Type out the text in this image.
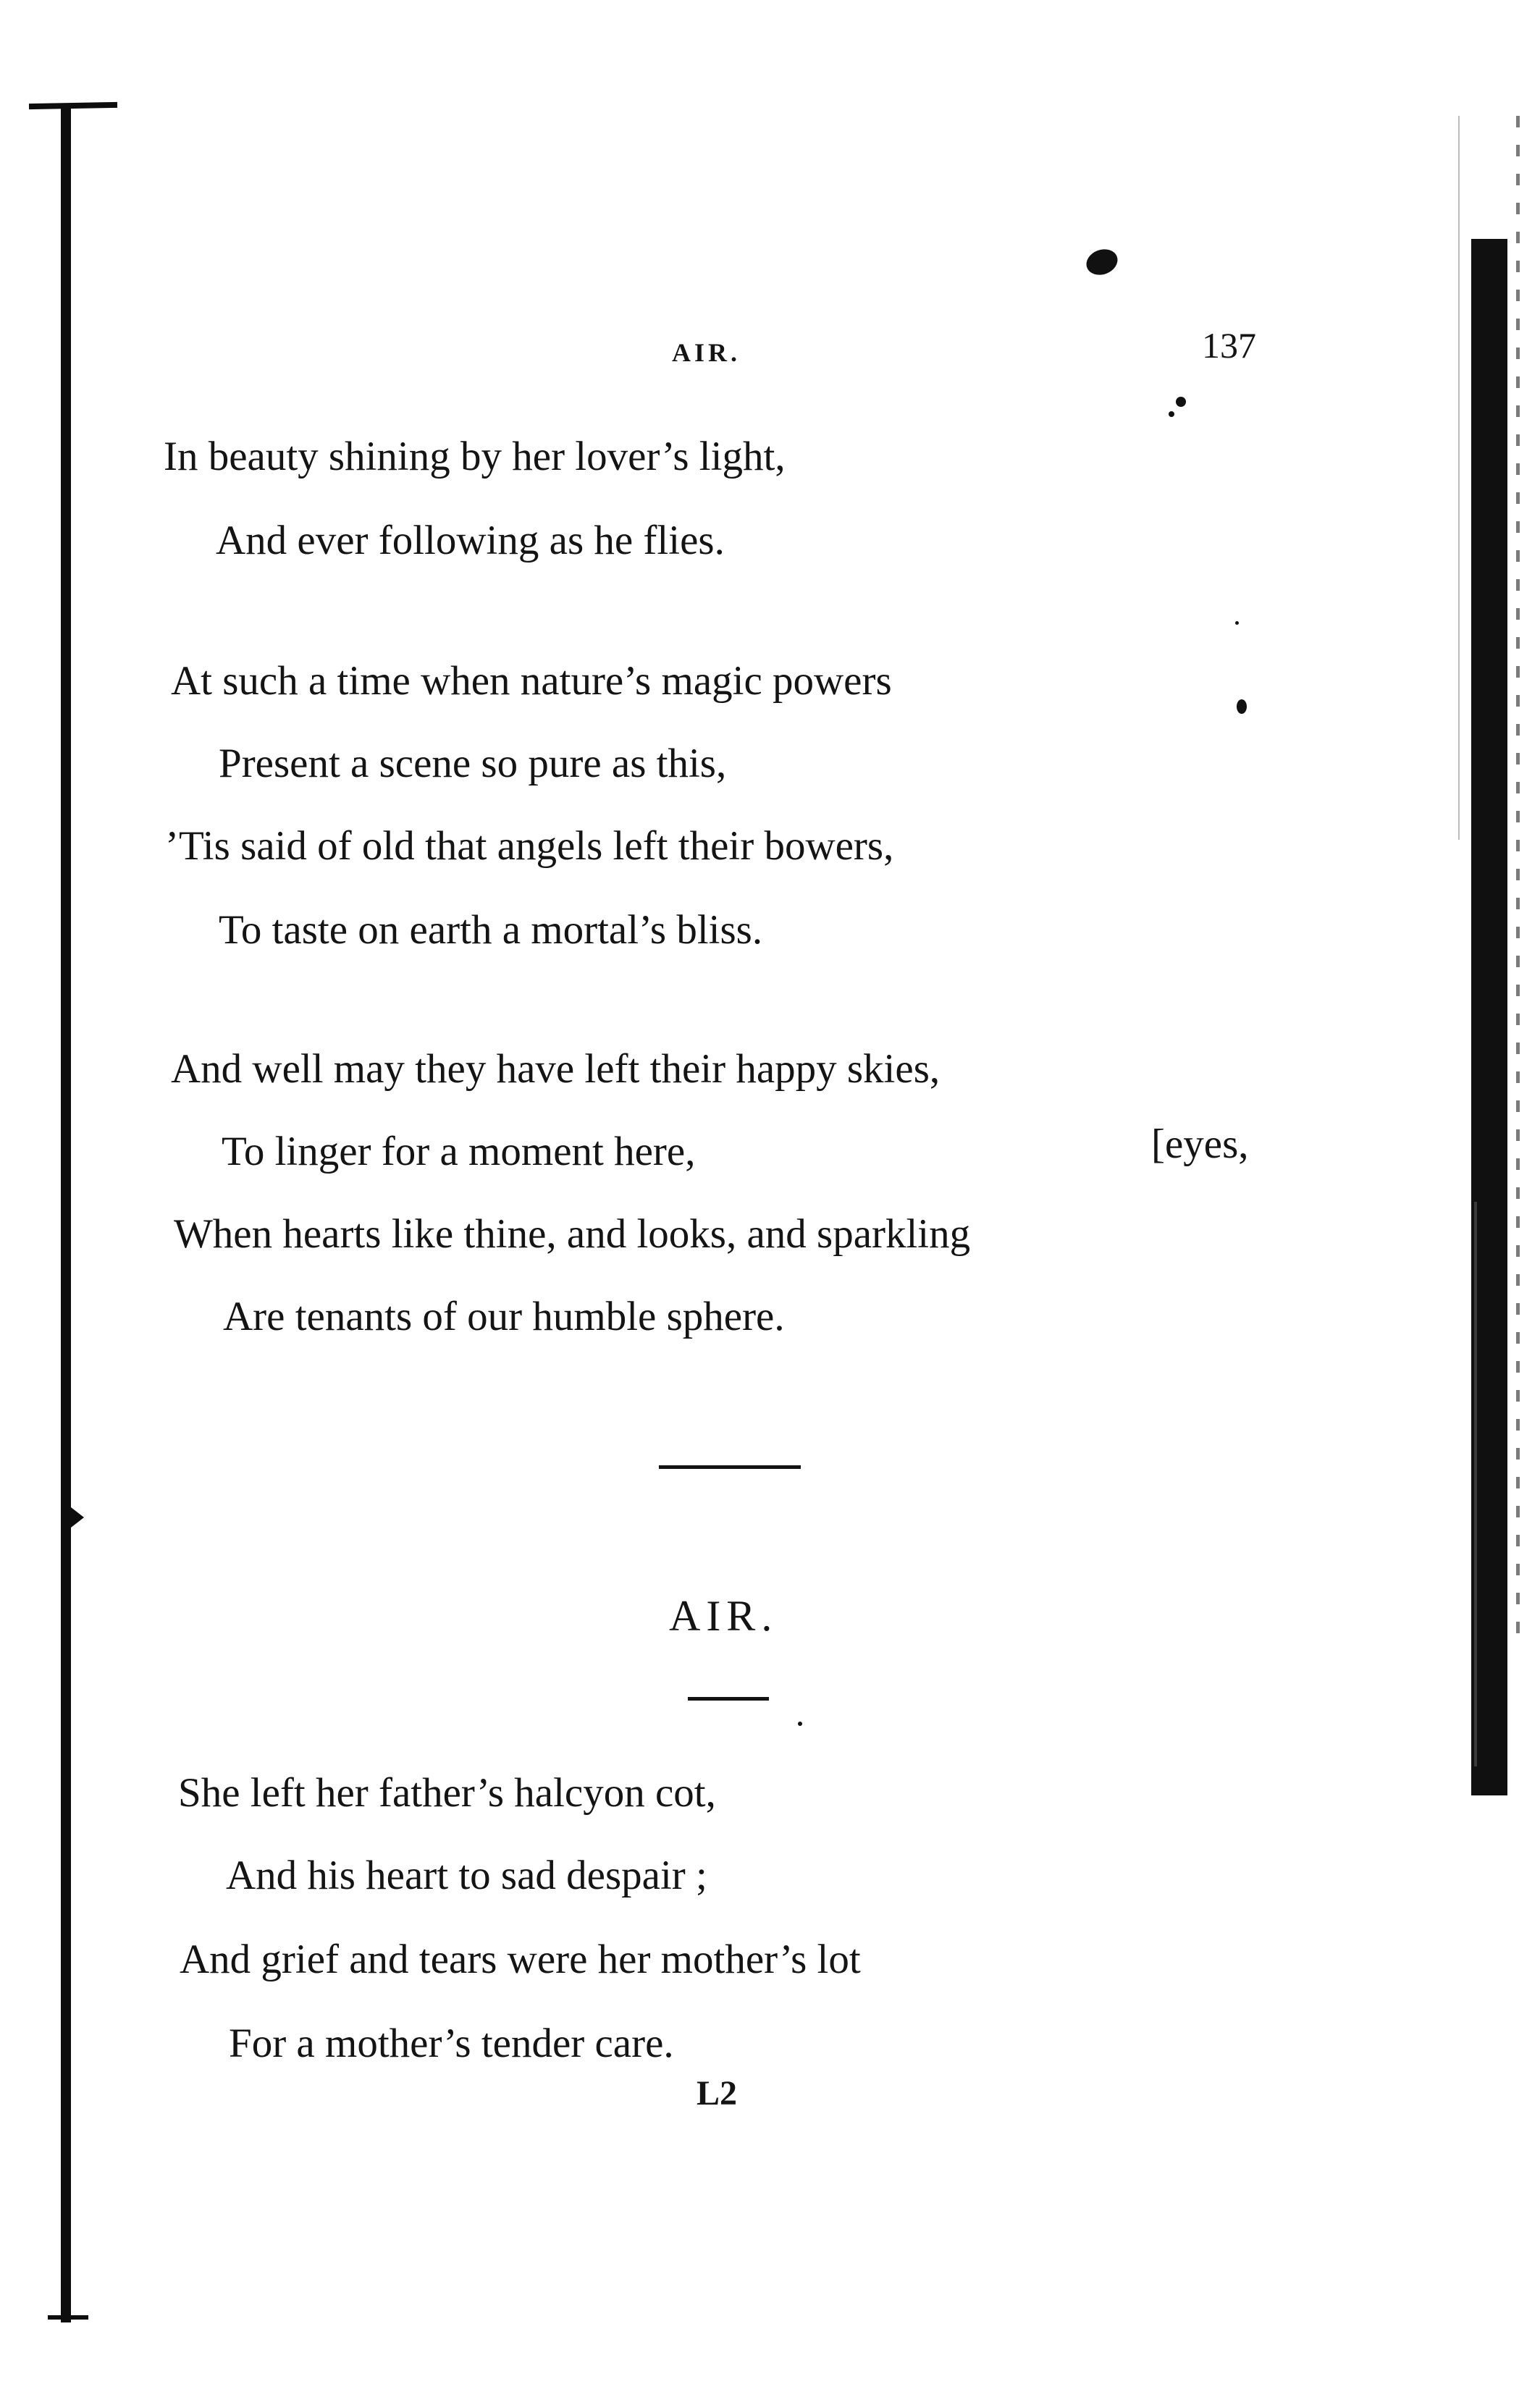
AIR.	137
In beauty shining by her lover’s light,
And ever following as he flies.
At such a time when nature’s magic powers
Present a scene so pure as this,
’Tis said of old that angels left their bowers,
To taste on earth a mortal’s bliss.
And well may they have left their happy skies,
To linger for a moment here,	[eyes,
When hearts like thine, and looks, and sparkling
Are tenants of our humble sphere.
AIR.
She left her father’s halcyon cot,
And his heart to sad despair ;
And grief and tears were her mother’s lot
For a mother’s tender care.
L2
